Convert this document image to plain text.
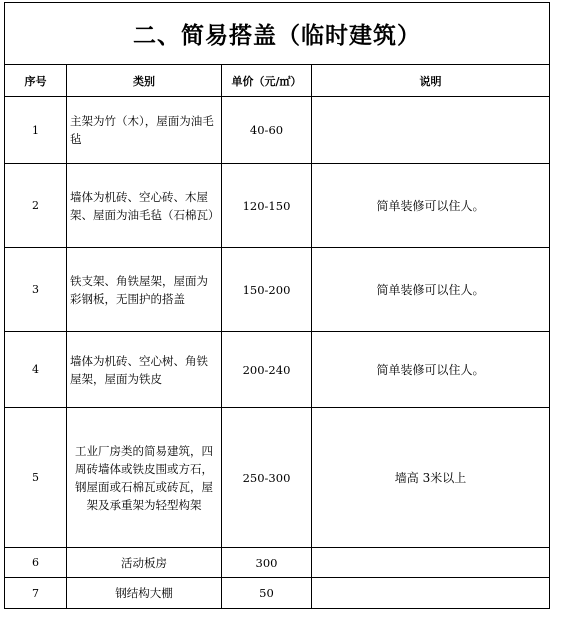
二、简易搭盖（临时建筑）			
序号	类别	单价（元/㎡）	说明
1	主架为竹（木），屋面为油毛毡	40-60	
2	墙体为机砖、空心砖、木屋架、屋面为油毛毡（石棉瓦）	120-150	简单装修可以住人。
3	铁支架、角铁屋架，屋面为彩钢板，无围护的搭盖	150-200	简单装修可以住人。
4	墙体为机砖、空心树、角铁屋架，屋面为铁皮	200-240	简单装修可以住人。
5	工业厂房类的简易建筑，四周砖墙体或铁皮围或方石，钢屋面或石棉瓦或砖瓦，屋架及承重架为轻型构架	250-300	墙高 3米以上
6	活动板房	300	
7	钢结构大棚	50	
